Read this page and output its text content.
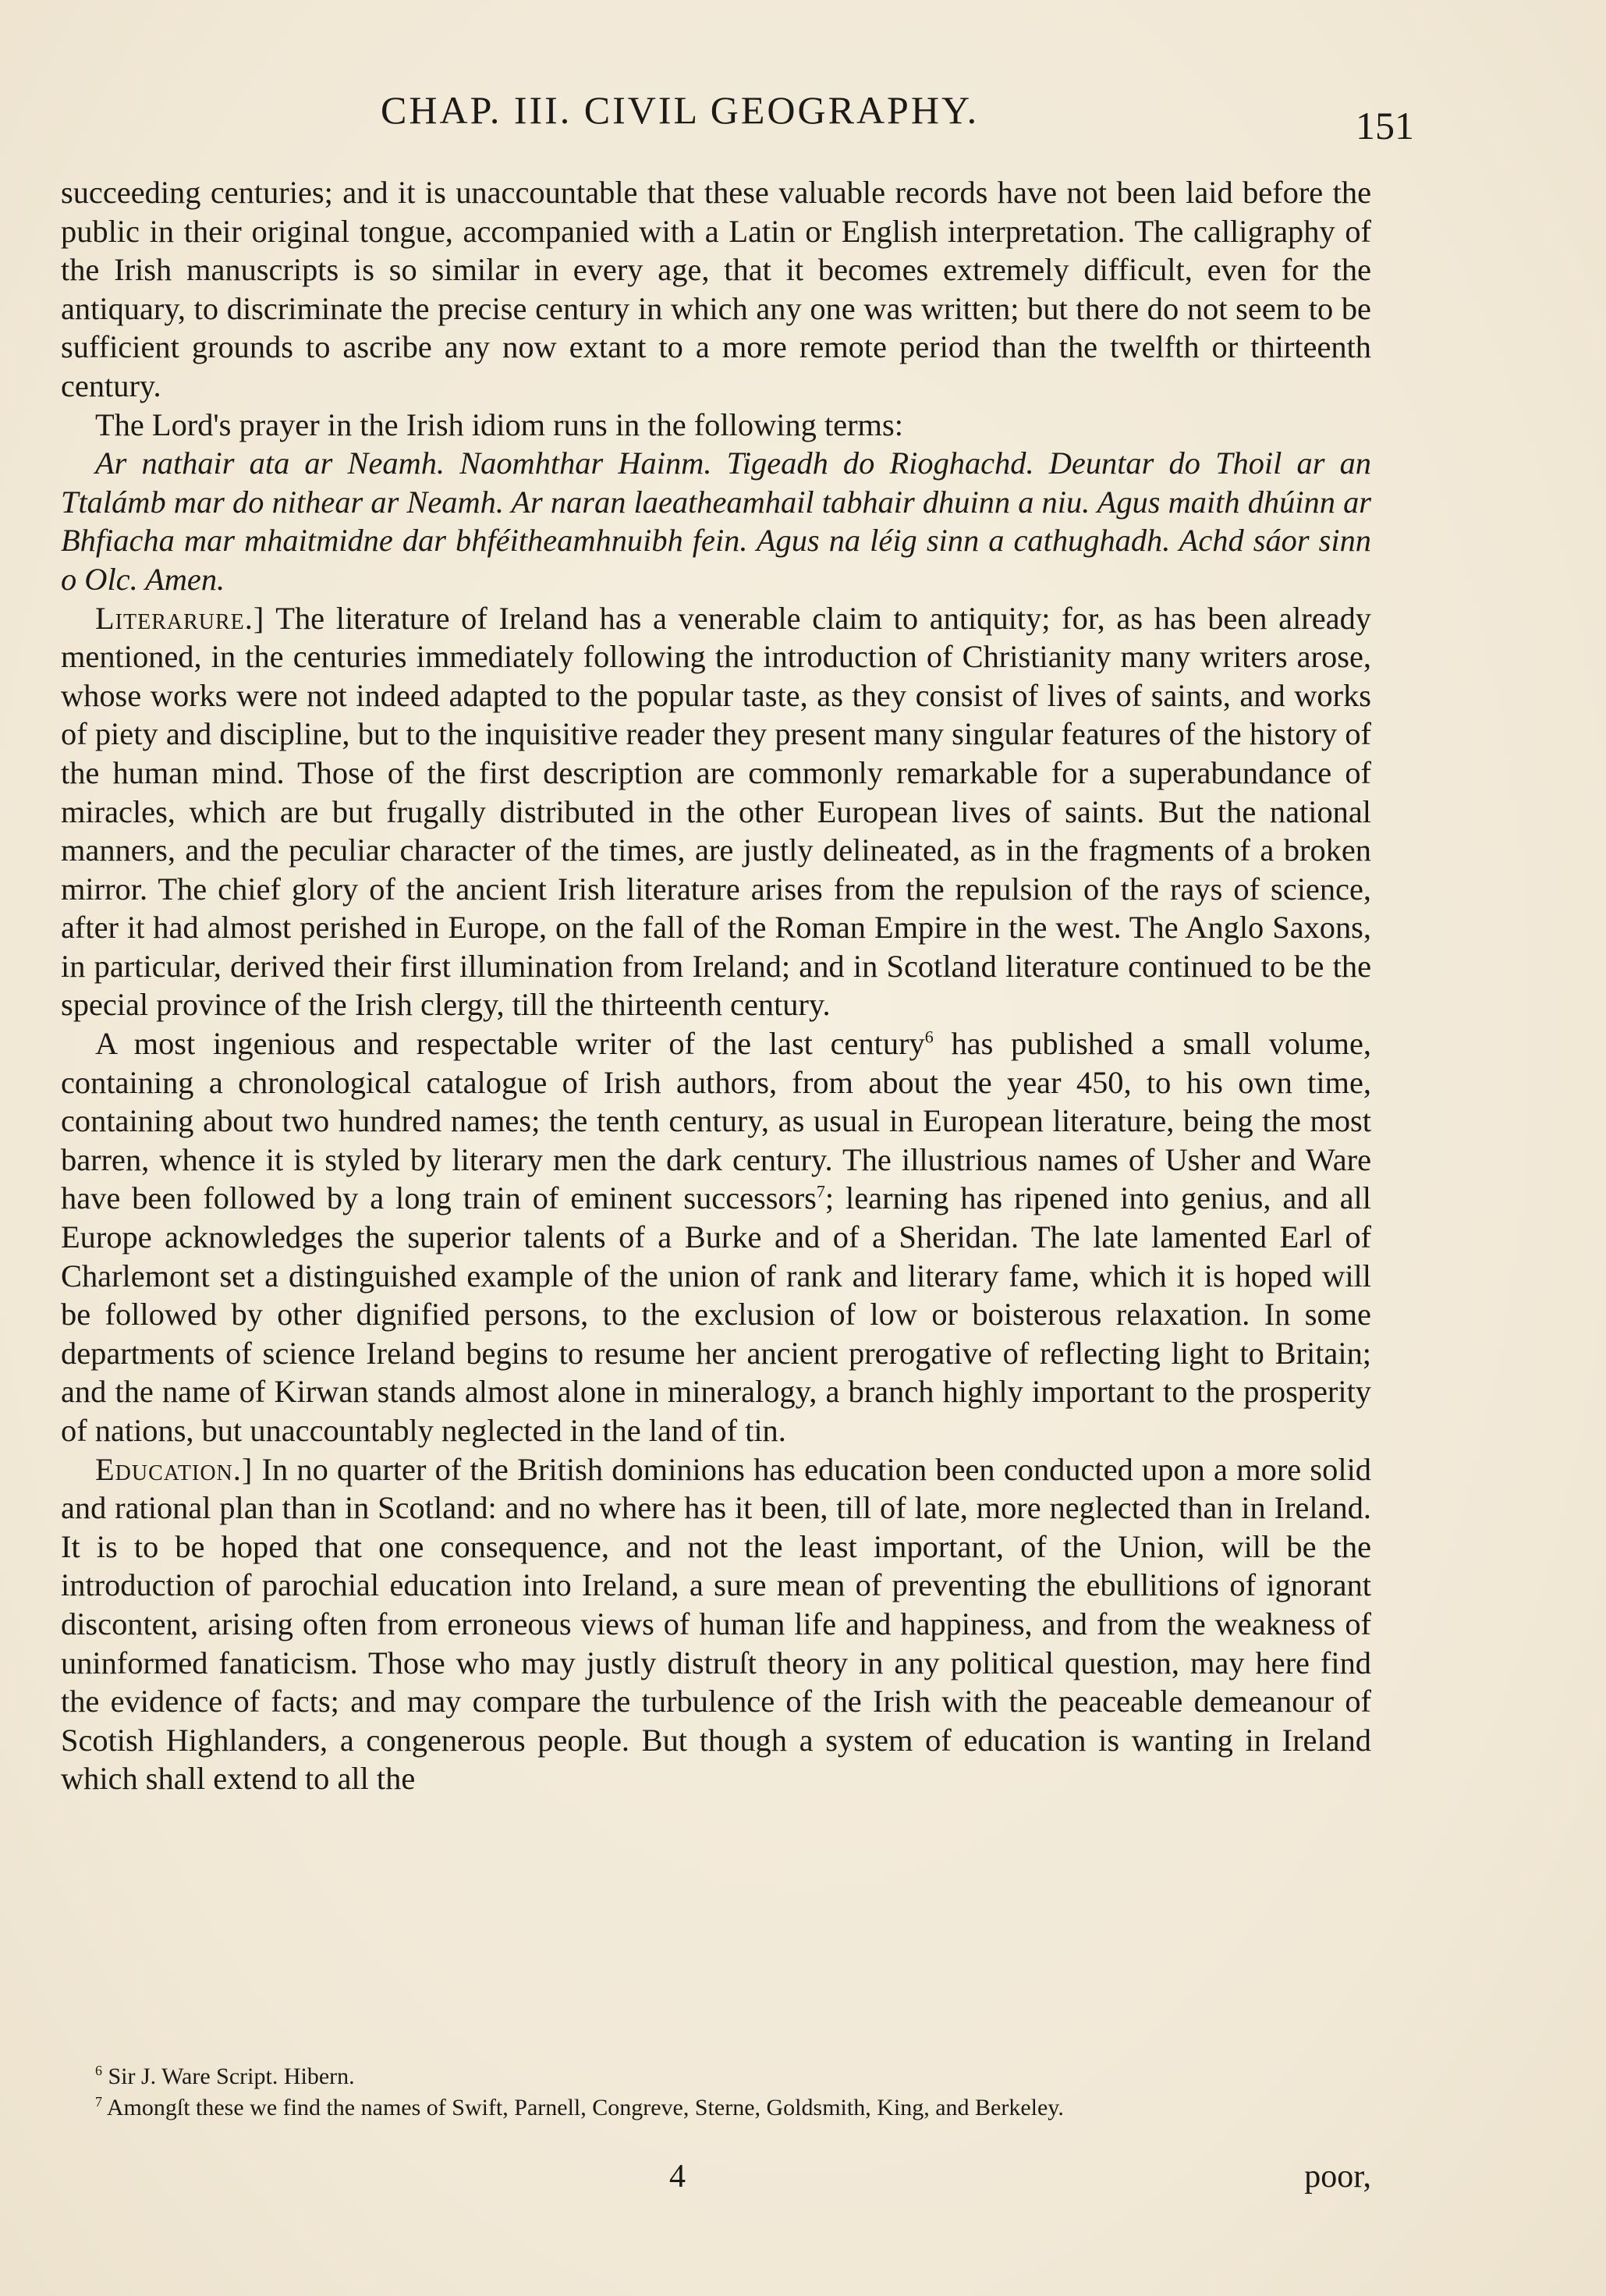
CHAP. III. CIVIL GEOGRAPHY.	151

succeeding centuries; and it is unaccountable that these valuable records have not been laid before the public in their original tongue, accompanied with a Latin or English interpretation. The calligraphy of the Irish manuscripts is so similar in every age, that it becomes extremely difficult, even for the antiquary, to discriminate the precise century in which any one was written; but there do not seem to be sufficient grounds to ascribe any now extant to a more remote period than the twelfth or thirteenth century.

The Lord's prayer in the Irish idiom runs in the following terms:

Ar nathair ata ar Neamh. Naomhthar Hainm. Tigeadh do Rioghachd. Deuntar do Thoil ar an Ttalámb mar do nithear ar Neamh. Ar naran laeatheamhail tabhair dhuinn a niu. Agus maith dhúinn ar Bhfiacha mar mhaitmidne dar bhféitheamhnuibh fein. Agus na léig sinn a cathughadh. Achd sáor sinn o Olc. Amen.

Literarure.] The literature of Ireland has a venerable claim to antiquity; for, as has been already mentioned, in the centuries immediately following the introduction of Christianity many writers arose, whose works were not indeed adapted to the popular taste, as they consist of lives of saints, and works of piety and discipline, but to the inquisitive reader they present many singular features of the history of the human mind. Those of the first description are commonly remarkable for a superabundance of miracles, which are but frugally distributed in the other European lives of saints. But the national manners, and the peculiar character of the times, are justly delineated, as in the fragments of a broken mirror. The chief glory of the ancient Irish literature arises from the repulsion of the rays of science, after it had almost perished in Europe, on the fall of the Roman Empire in the west. The Anglo Saxons, in particular, derived their first illumination from Ireland; and in Scotland literature continued to be the special province of the Irish clergy, till the thirteenth century.

A most ingenious and respectable writer of the last century$^6$ has published a small volume, containing a chronological catalogue of Irish authors, from about the year 450, to his own time, containing about two hundred names; the tenth century, as usual in European literature, being the most barren, whence it is styled by literary men the dark century. The illustrious names of Usher and Ware have been followed by a long train of eminent successors$^7$; learning has ripened into genius, and all Europe acknowledges the superior talents of a Burke and of a Sheridan. The late lamented Earl of Charlemont set a distinguished example of the union of rank and literary fame, which it is hoped will be followed by other dignified persons, to the exclusion of low or boisterous relaxation. In some departments of science Ireland begins to resume her ancient prerogative of reflecting light to Britain; and the name of Kirwan stands almost alone in mineralogy, a branch highly important to the prosperity of nations, but unaccountably neglected in the land of tin.

Education.] In no quarter of the British dominions has education been conducted upon a more solid and rational plan than in Scotland: and no where has it been, till of late, more neglected than in Ireland. It is to be hoped that one consequence, and not the least important, of the Union, will be the introduction of parochial education into Ireland, a sure mean of preventing the ebullitions of ignorant discontent, arising often from erroneous views of human life and happiness, and from the weakness of uninformed fanaticism. Those who may justly distruſt theory in any political question, may here find the evidence of facts; and may compare the turbulence of the Irish with the peaceable demeanour of Scotish Highlanders, a congenerous people. But though a system of education is wanting in Ireland which shall extend to all the

$^6$ Sir J. Ware Script. Hibern.

$^7$ Amongſt these we find the names of Swift, Parnell, Congreve, Sterne, Goldsmith, King, and Berkeley.

4	poor,
